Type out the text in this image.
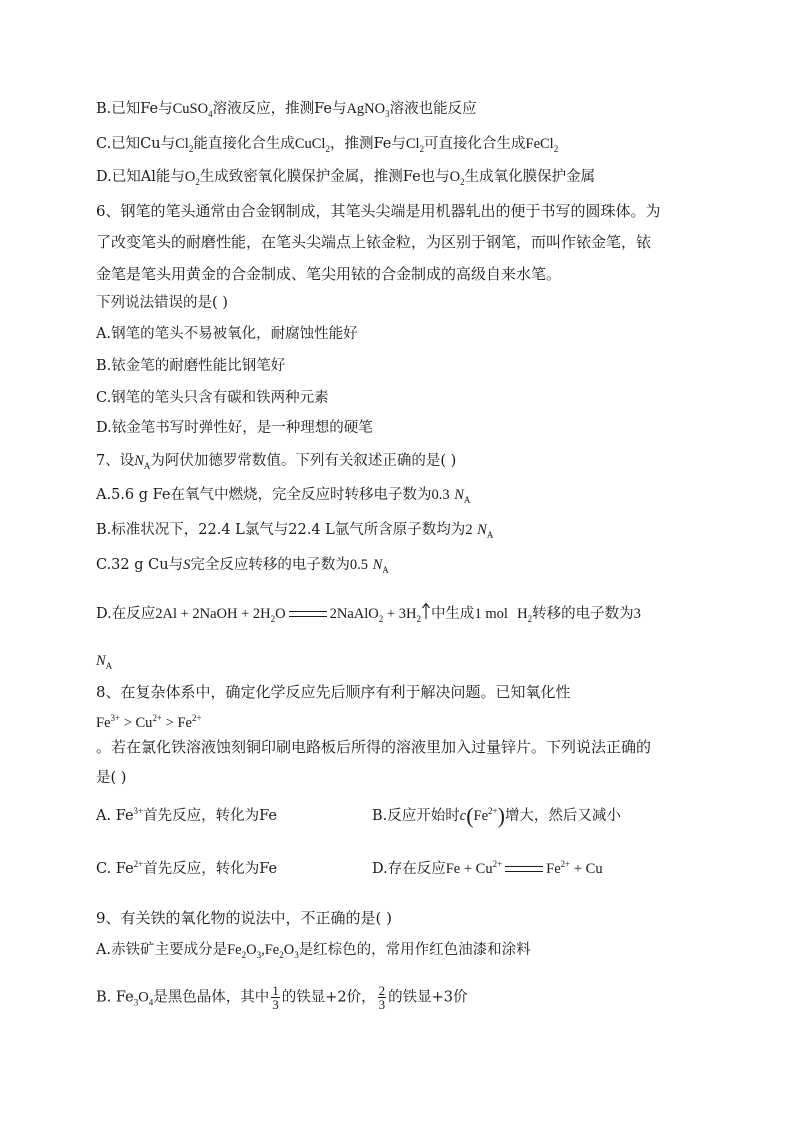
B.已知Fe与CuSO$_4$溶液反应，推测Fe与AgNO$_3$溶液也能反应
C.已知Cu与$Cl_2$能直接化合生成CuCl$_2$，推测Fe与$Cl_2$可直接化合生成FeCl$_2$
D.已知Al能与$O_2$生成致密氧化膜保护金属，推测Fe也与$O_2$生成氧化膜保护金属
6、钢笔的笔头通常由合金钢制成，其笔头尖端是用机器轧出的便于书写的圆珠体。为
了改变笔头的耐磨性能，在笔头尖端点上铱金粒，为区别于钢笔，而叫作铱金笔，铱
金笔是笔头用黄金的合金制成、笔尖用铱的合金制成的高级自来水笔。
下列说法错误的是( )
A.钢笔的笔头不易被氧化，耐腐蚀性能好
B.铱金笔的耐磨性能比钢笔好
C.钢笔的笔头只含有碳和铁两种元素
D.铱金笔书写时弹性好，是一种理想的硬笔
7、设$N_A$为阿伏加德罗常数值。下列有关叙述正确的是( )
A.5.6 g Fe在氧气中燃烧，完全反应时转移电子数为0.3 $N_A$
B.标准状况下，22.4 L氯气与22.4 L氩气所含原子数均为2 $N_A$
C.32 g Cu与S完全反应转移的电子数为0.5 $N_A$
D.在反应2Al + 2NaOH + $2H_2O$	2NaAlO$_2$ + $3H_2$ 中生成1 mol $H_2$转移的电子数为3
$N_A$
8、在复杂体系中，确定化学反应先后顺序有利于解决问题。已知氧化性
$Fe^{3+} > Cu^{2+} > Fe^{2+}$
。若在氯化铁溶液蚀刻铜印刷电路板后所得的溶液里加入过量锌片。下列说法正确的
是( )
A. $Fe^{3+}$首先反应，转化为Fe	B.反应开始时$c(Fe^{2+})$增大，然后又减小
C. $Fe^{2+}$首先反应，转化为Fe	D.存在反应$Fe + Cu^{2+}$	$Fe^{2+} + Cu$
9、有关铁的氧化物的说法中，不正确的是( )
A.赤铁矿主要成分是$Fe_2O_3,Fe_2O_3$是红棕色的，常用作红色油漆和涂料
B. $Fe_3O_4$是黑色晶体，其中 $\frac{1}{3}$ 的铁显+2价， $\frac{2}{3}$ 的铁显+3价
